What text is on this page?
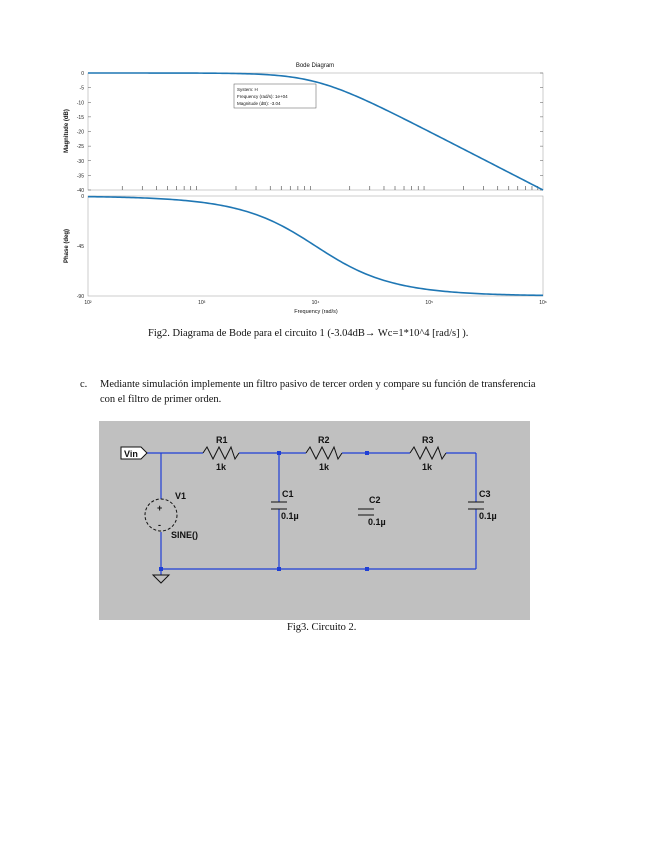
Bode Diagram
Magnitude (dB)
Phase (deg)
Frequency (rad/s)
0
-5
-10
-15
-20
-25
-30
-35
-40
0
-45
-90
10²	10³	10⁴	10⁵	10⁶
System: H
Frequency (rad/s): 1e+04
Magnitude (dB): -3.04
Fig2. Diagrama de Bode para el circuito 1 (-3.04dB→ Wc=1*10^4 [rad/s] ).
c. Mediante simulación implemente un filtro pasivo de tercer orden y compare su función de transferencia
con el filtro de primer orden.
Vin
R1
1k
R2
1k
R3
1k
C1
0.1µ
C2
0.1µ
C3
0.1µ
V1
SINE()
+
-
Fig3. Circuito 2.
